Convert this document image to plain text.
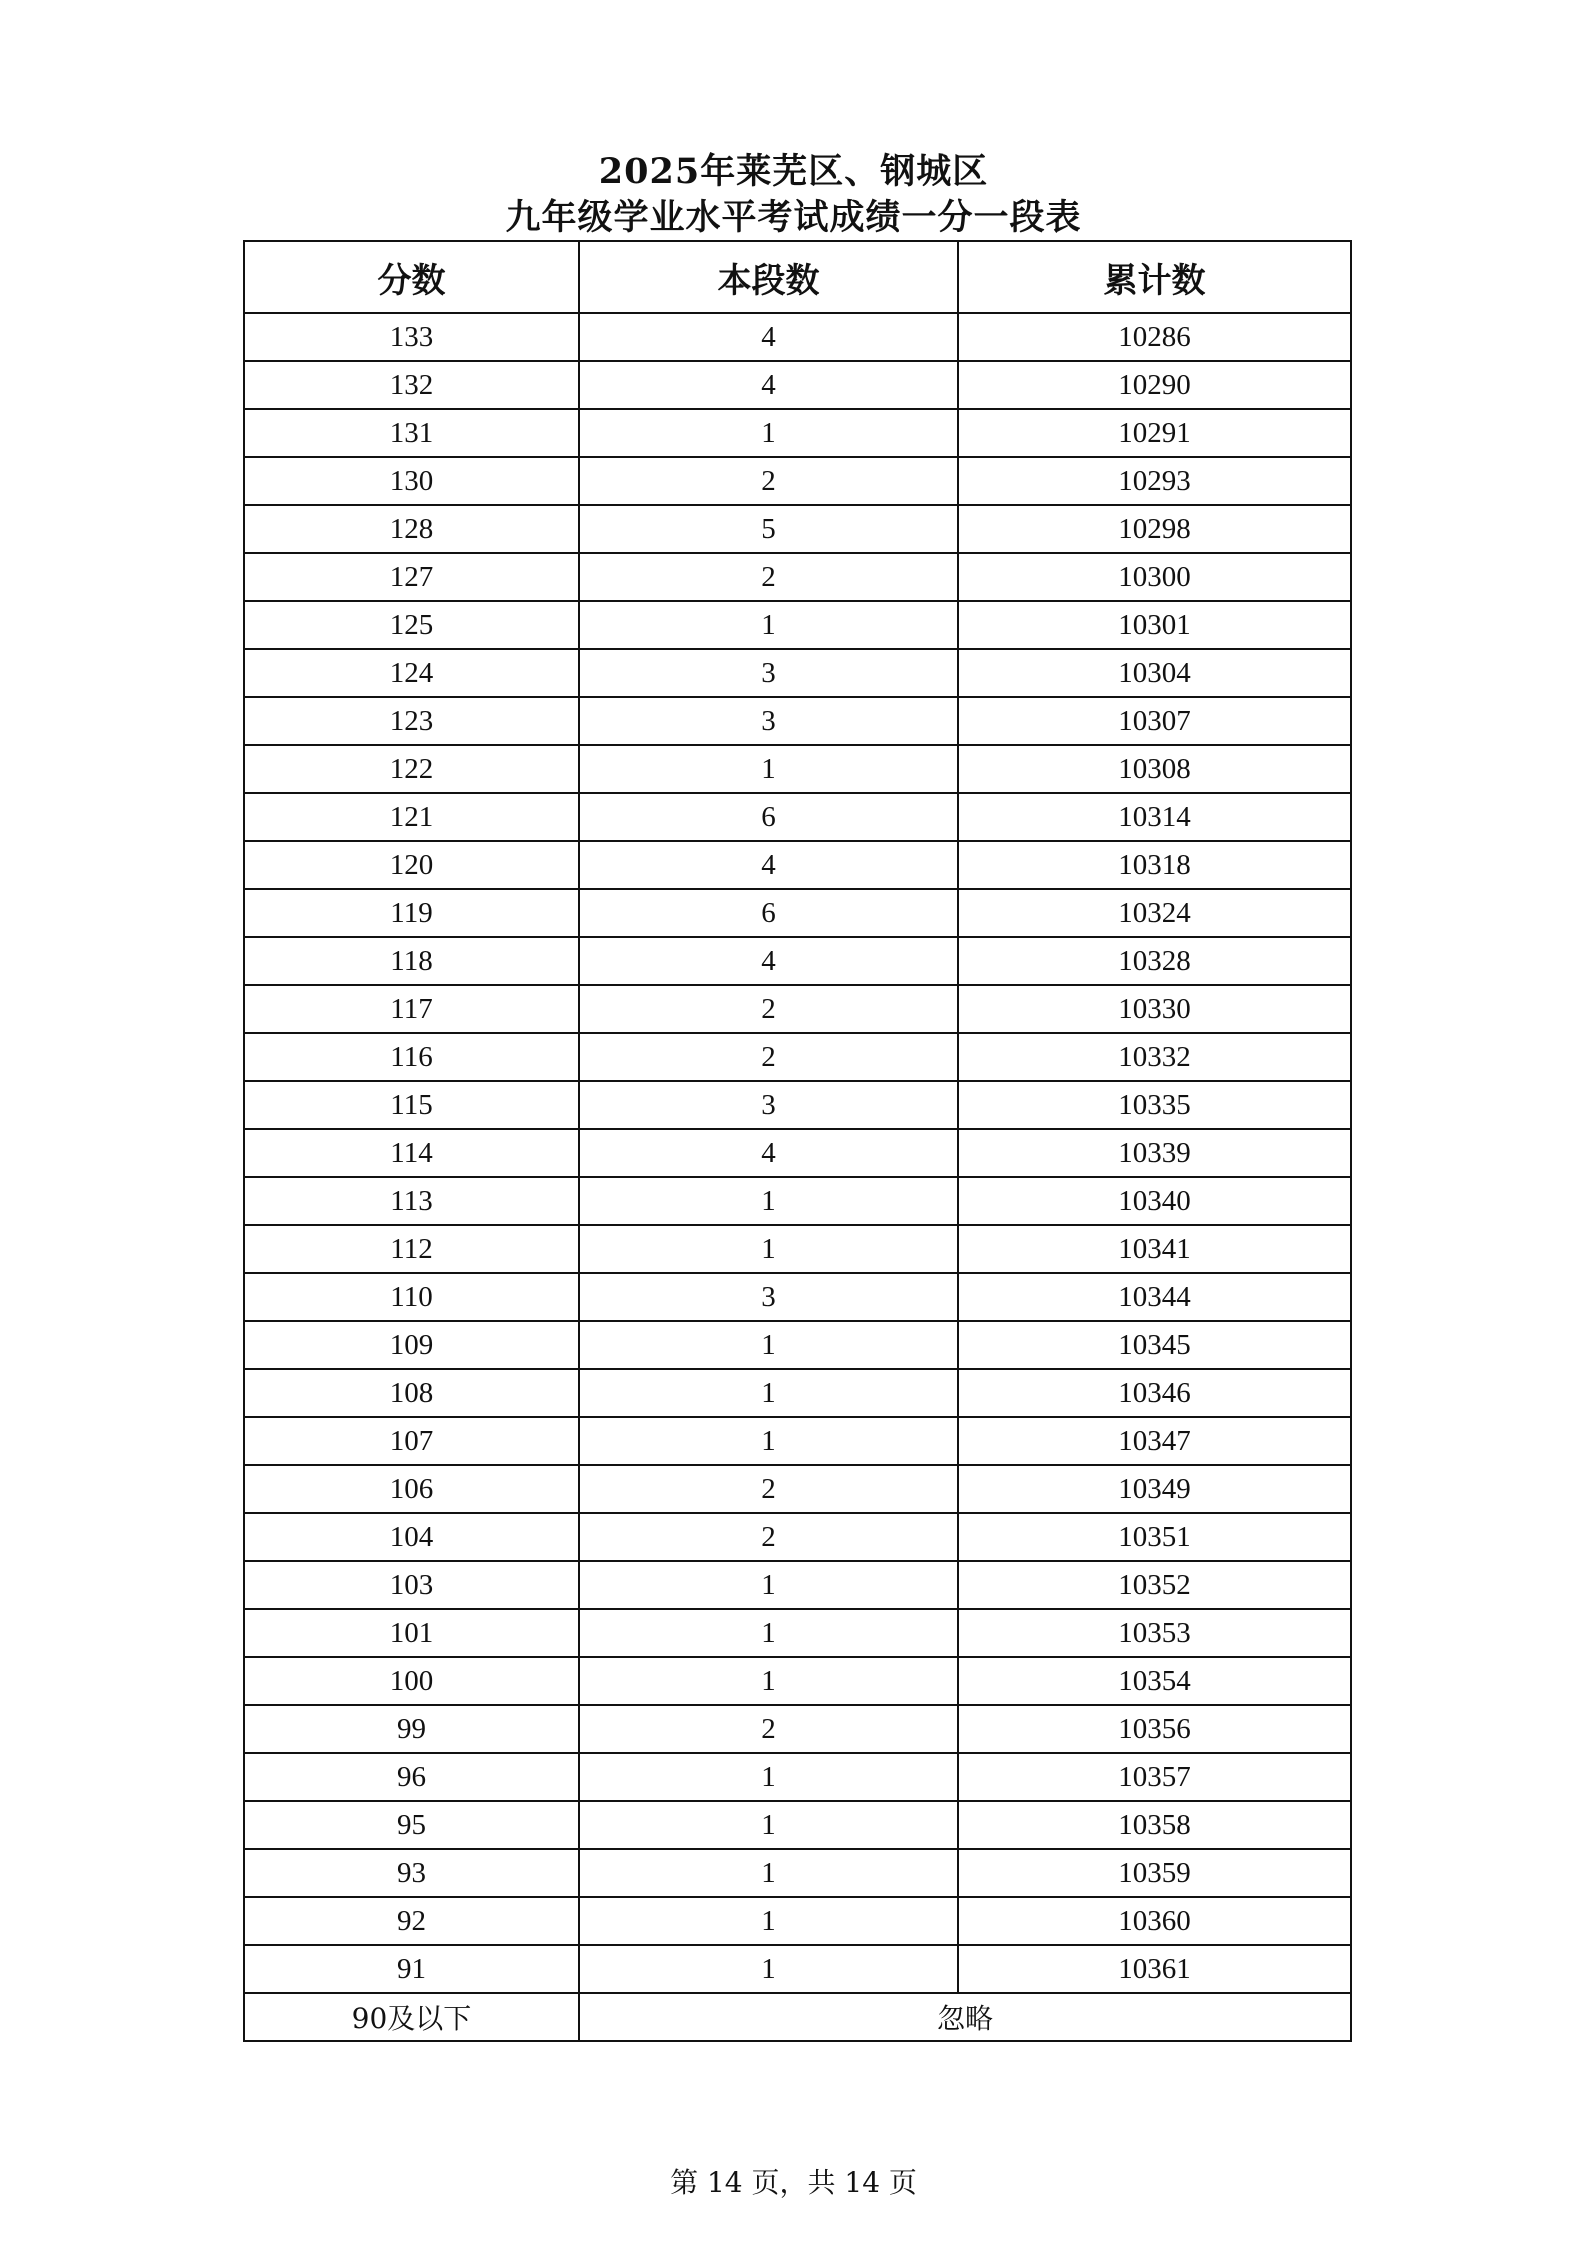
2025年莱芜区、钢城区
九年级学业水平考试成绩一分一段表
分数	本段数	累计数
133	4	10286
132	4	10290
131	1	10291
130	2	10293
128	5	10298
127	2	10300
125	1	10301
124	3	10304
123	3	10307
122	1	10308
121	6	10314
120	4	10318
119	6	10324
118	4	10328
117	2	10330
116	2	10332
115	3	10335
114	4	10339
113	1	10340
112	1	10341
110	3	10344
109	1	10345
108	1	10346
107	1	10347
106	2	10349
104	2	10351
103	1	10352
101	1	10353
100	1	10354
99	2	10356
96	1	10357
95	1	10358
93	1	10359
92	1	10360
91	1	10361
90及以下	忽略	
第 14 页，共 14 页
